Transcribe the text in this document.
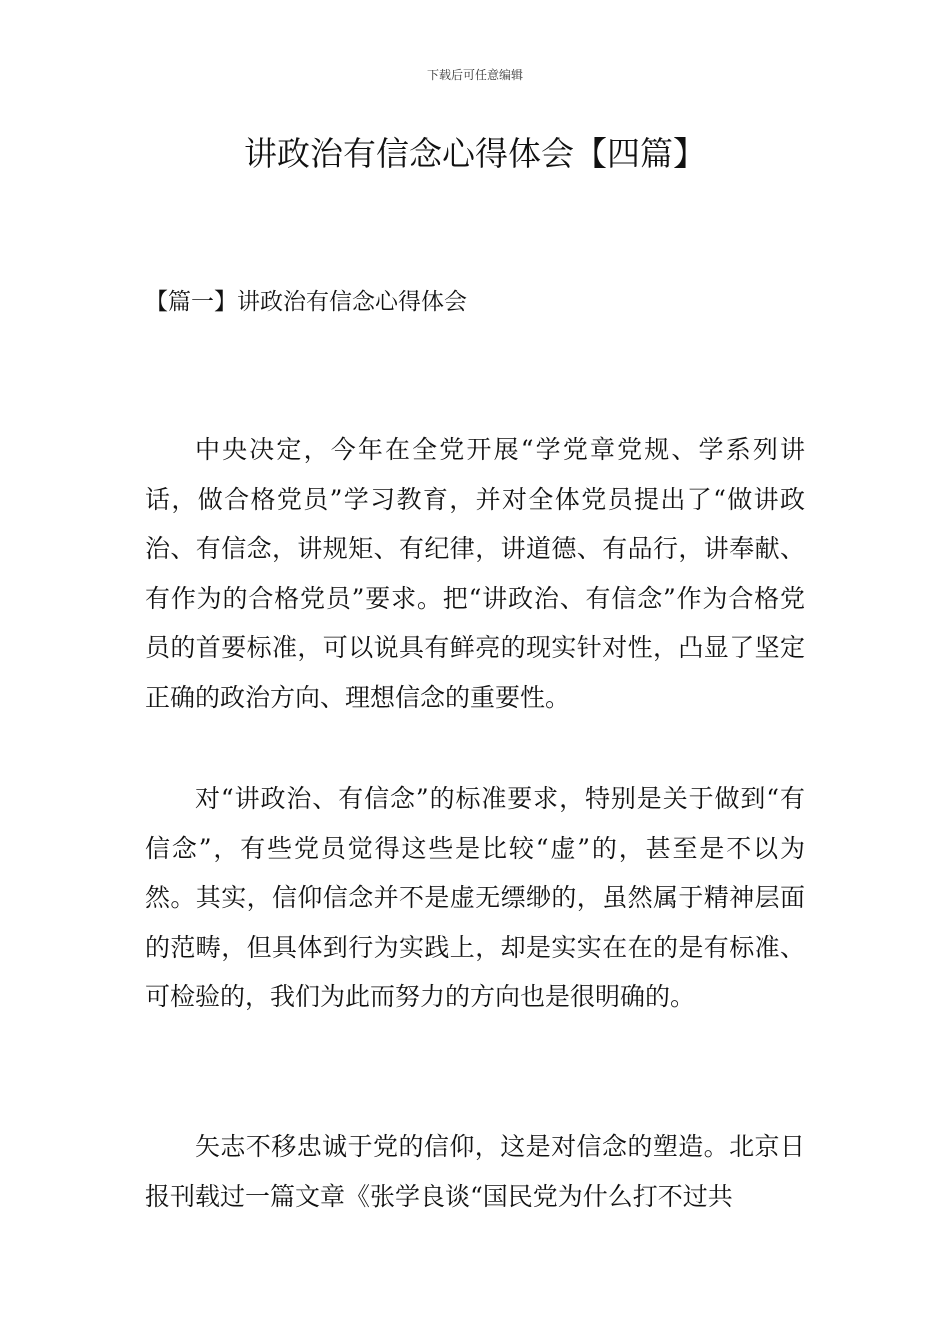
下载后可任意编辑
讲政治有信念心得体会【四篇】
【篇一】讲政治有信念心得体会

中央决定，今年在全党开展“学党章党规、学系列讲话，做合格党员”学习教育，并对全体党员提出了“做讲政治、有信念，讲规矩、有纪律，讲道德、有品行，讲奉献、有作为的合格党员”要求。把“讲政治、有信念”作为合格党员的首要标准，可以说具有鲜亮的现实针对性，凸显了坚定正确的政治方向、理想信念的重要性。

对“讲政治、有信念”的标准要求，特别是关于做到“有信念”，有些党员觉得这些是比较“虚”的，甚至是不以为然。其实，信仰信念并不是虚无缥缈的，虽然属于精神层面的范畴，但具体到行为实践上，却是实实在在的是有标准、可检验的，我们为此而努力的方向也是很明确的。

矢志不移忠诚于党的信仰，这是对信念的塑造。北京日报刊载过一篇文章《张学良谈“国民党为什么打不过共
